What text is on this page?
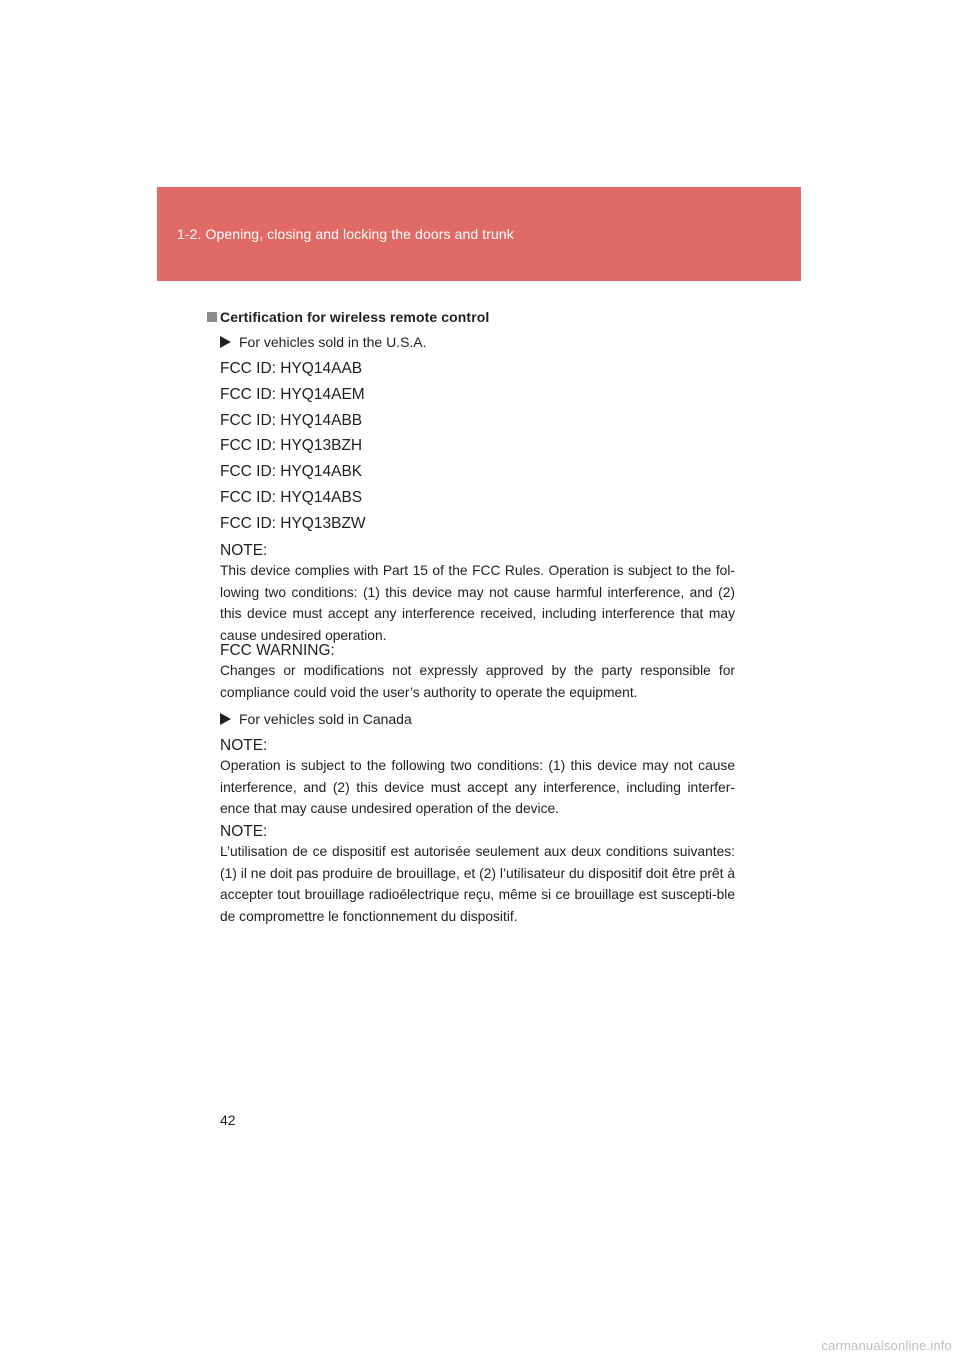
1-2. Opening, closing and locking the doors and trunk
Certification for wireless remote control
For vehicles sold in the U.S.A.
FCC ID: HYQ14AAB
FCC ID: HYQ14AEM
FCC ID: HYQ14ABB
FCC ID: HYQ13BZH
FCC ID: HYQ14ABK
FCC ID: HYQ14ABS
FCC ID: HYQ13BZW
NOTE:
This device complies with Part 15 of the FCC Rules. Operation is subject to the fol-lowing two conditions: (1) this device may not cause harmful interference, and (2) this device must accept any interference received, including interference that may cause undesired operation.
FCC WARNING:
Changes or modifications not expressly approved by the party responsible for compliance could void the user’s authority to operate the equipment.
For vehicles sold in Canada
NOTE:
Operation is subject to the following two conditions: (1) this device may not cause interference, and (2) this device must accept any interference, including interfer-ence that may cause undesired operation of the device.
NOTE:
L’utilisation de ce dispositif est autorisée seulement aux deux conditions suivantes: (1) il ne doit pas produire de brouillage, et (2) l’utilisateur du dispositif doit être prêt à accepter tout brouillage radioélectrique reçu, même si ce brouillage est suscepti-ble de compromettre le fonctionnement du dispositif.
42
carmanualsonline.info
